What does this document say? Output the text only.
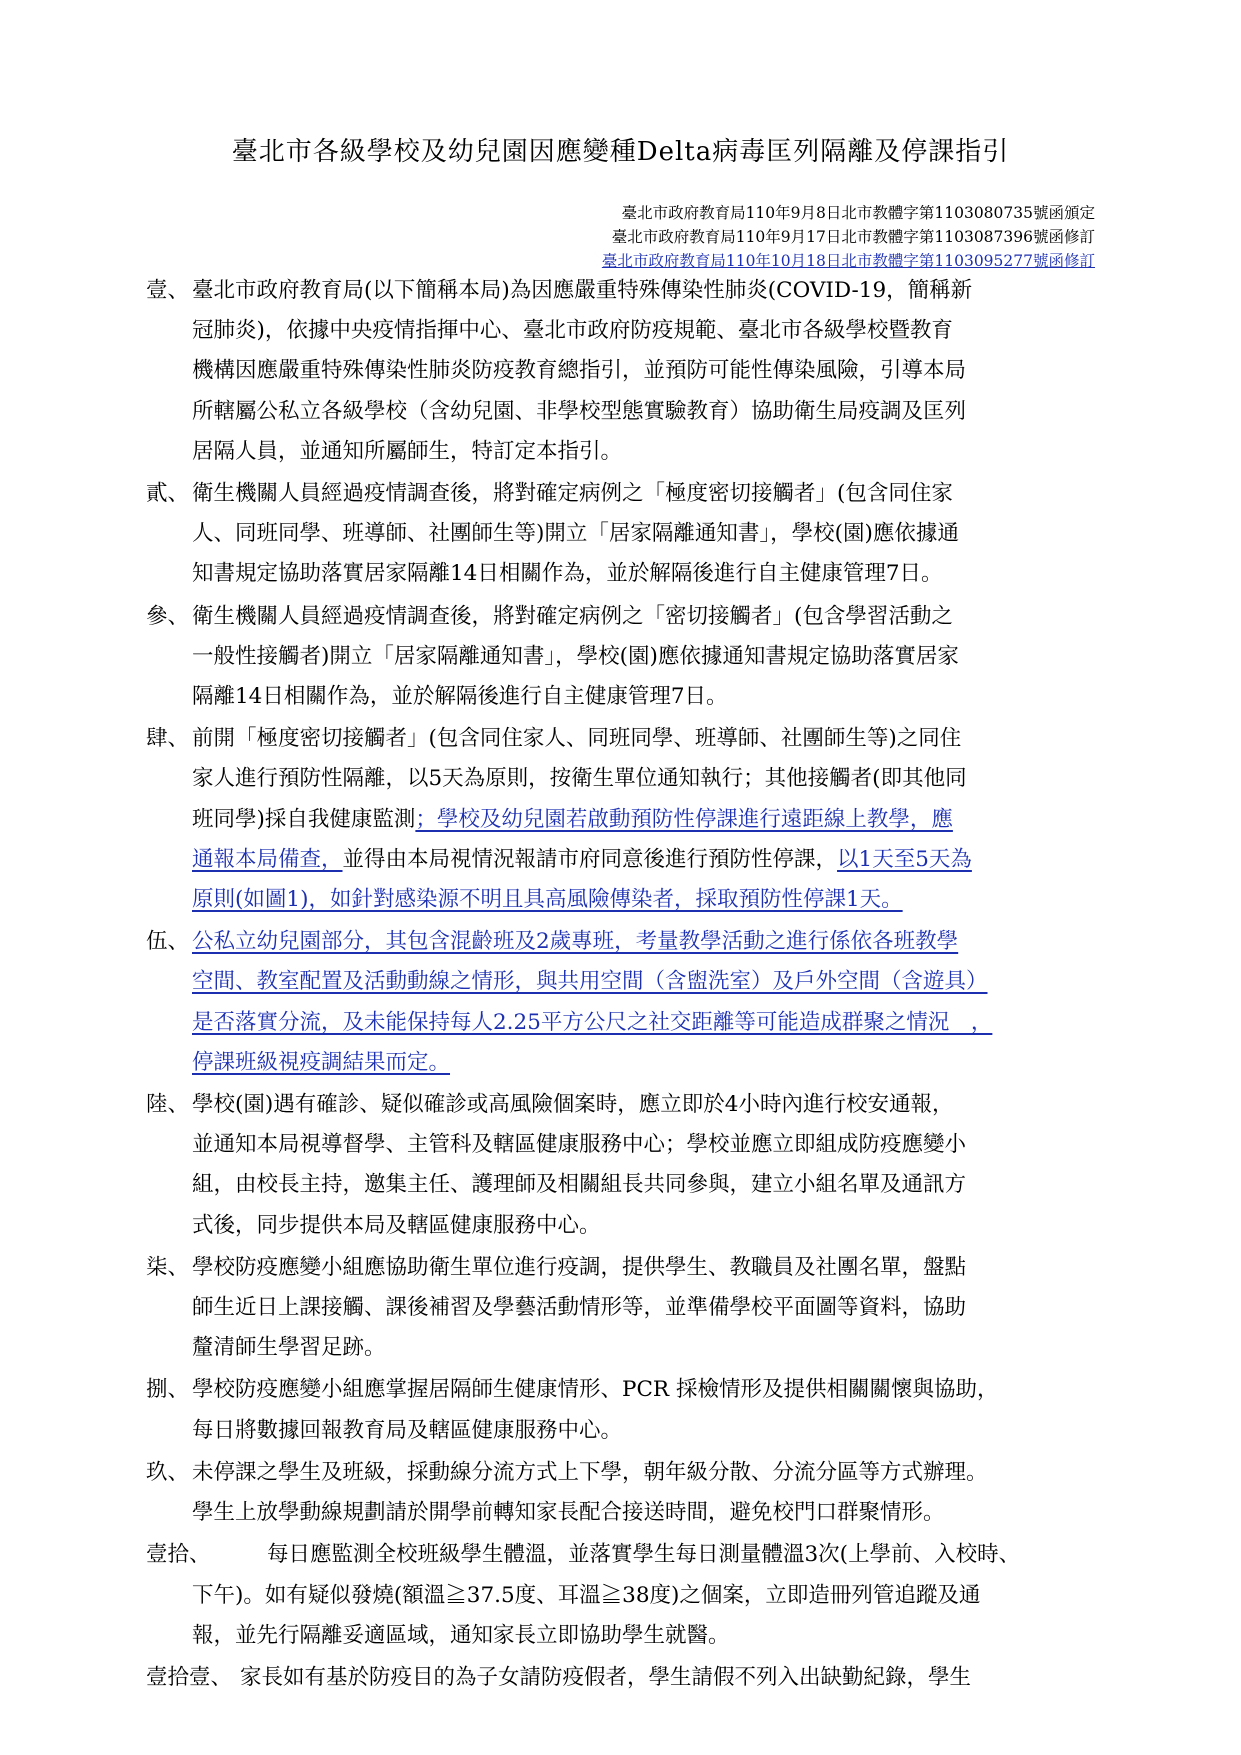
臺北市各級學校及幼兒園因應變種Delta病毒匡列隔離及停課指引
臺北市政府教育局110年9月8日北市教體字第1103080735號函頒定
臺北市政府教育局110年9月17日北市教體字第1103087396號函修訂
臺北市政府教育局110年10月18日北市教體字第1103095277號函修訂
壹、 臺北市政府教育局(以下簡稱本局)為因應嚴重特殊傳染性肺炎(COVID-19，簡稱新
冠肺炎)，依據中央疫情指揮中心、臺北市政府防疫規範、臺北市各級學校暨教育
機構因應嚴重特殊傳染性肺炎防疫教育總指引，並預防可能性傳染風險，引導本局
所轄屬公私立各級學校（含幼兒園、非學校型態實驗教育）協助衛生局疫調及匡列
居隔人員，並通知所屬師生，特訂定本指引。
貳、 衛生機關人員經過疫情調查後，將對確定病例之「極度密切接觸者」(包含同住家
人、同班同學、班導師、社團師生等)開立「居家隔離通知書」，學校(園)應依據通
知書規定協助落實居家隔離14日相關作為，並於解隔後進行自主健康管理7日。
參、 衛生機關人員經過疫情調查後，將對確定病例之「密切接觸者」(包含學習活動之
一般性接觸者)開立「居家隔離通知書」，學校(園)應依據通知書規定協助落實居家
隔離14日相關作為，並於解隔後進行自主健康管理7日。
肆、 前開「極度密切接觸者」(包含同住家人、同班同學、班導師、社團師生等)之同住
家人進行預防性隔離，以5天為原則，按衛生單位通知執行；其他接觸者(即其他同
班同學)採自我健康監測；學校及幼兒園若啟動預防性停課進行遠距線上教學，應
通報本局備查，並得由本局視情況報請市府同意後進行預防性停課，以1天至5天為
原則(如圖1)，如針對感染源不明且具高風險傳染者，採取預防性停課1天。
伍、 公私立幼兒園部分，其包含混齡班及2歲專班，考量教學活動之進行係依各班教學
空間、教室配置及活動動線之情形，與共用空間（含盥洗室）及戶外空間（含遊具）
是否落實分流，及未能保持每人2.25平方公尺之社交距離等可能造成群聚之情況　，
停課班級視疫調結果而定。
陸、 學校(園)遇有確診、疑似確診或高風險個案時，應立即於4小時內進行校安通報，
並通知本局視導督學、主管科及轄區健康服務中心；學校並應立即組成防疫應變小
組，由校長主持，邀集主任、護理師及相關組長共同參與，建立小組名單及通訊方
式後，同步提供本局及轄區健康服務中心。
柒、 學校防疫應變小組應協助衛生單位進行疫調，提供學生、教職員及社團名單，盤點
師生近日上課接觸、課後補習及學藝活動情形等，並準備學校平面圖等資料，協助
釐清師生學習足跡。
捌、 學校防疫應變小組應掌握居隔師生健康情形、PCR 採檢情形及提供相關關懷與協助，
每日將數據回報教育局及轄區健康服務中心。
玖、 未停課之學生及班級，採動線分流方式上下學，朝年級分散、分流分區等方式辦理。
學生上放學動線規劃請於開學前轉知家長配合接送時間，避免校門口群聚情形。
壹拾、 　　每日應監測全校班級學生體溫，並落實學生每日測量體溫3次(上學前、入校時、
下午)。如有疑似發燒(額溫≧37.5度、耳溫≧38度)之個案，立即造冊列管追蹤及通
報，並先行隔離妥適區域，通知家長立即協助學生就醫。
壹拾壹、 家長如有基於防疫目的為子女請防疫假者，學生請假不列入出缺勤紀錄，學生
